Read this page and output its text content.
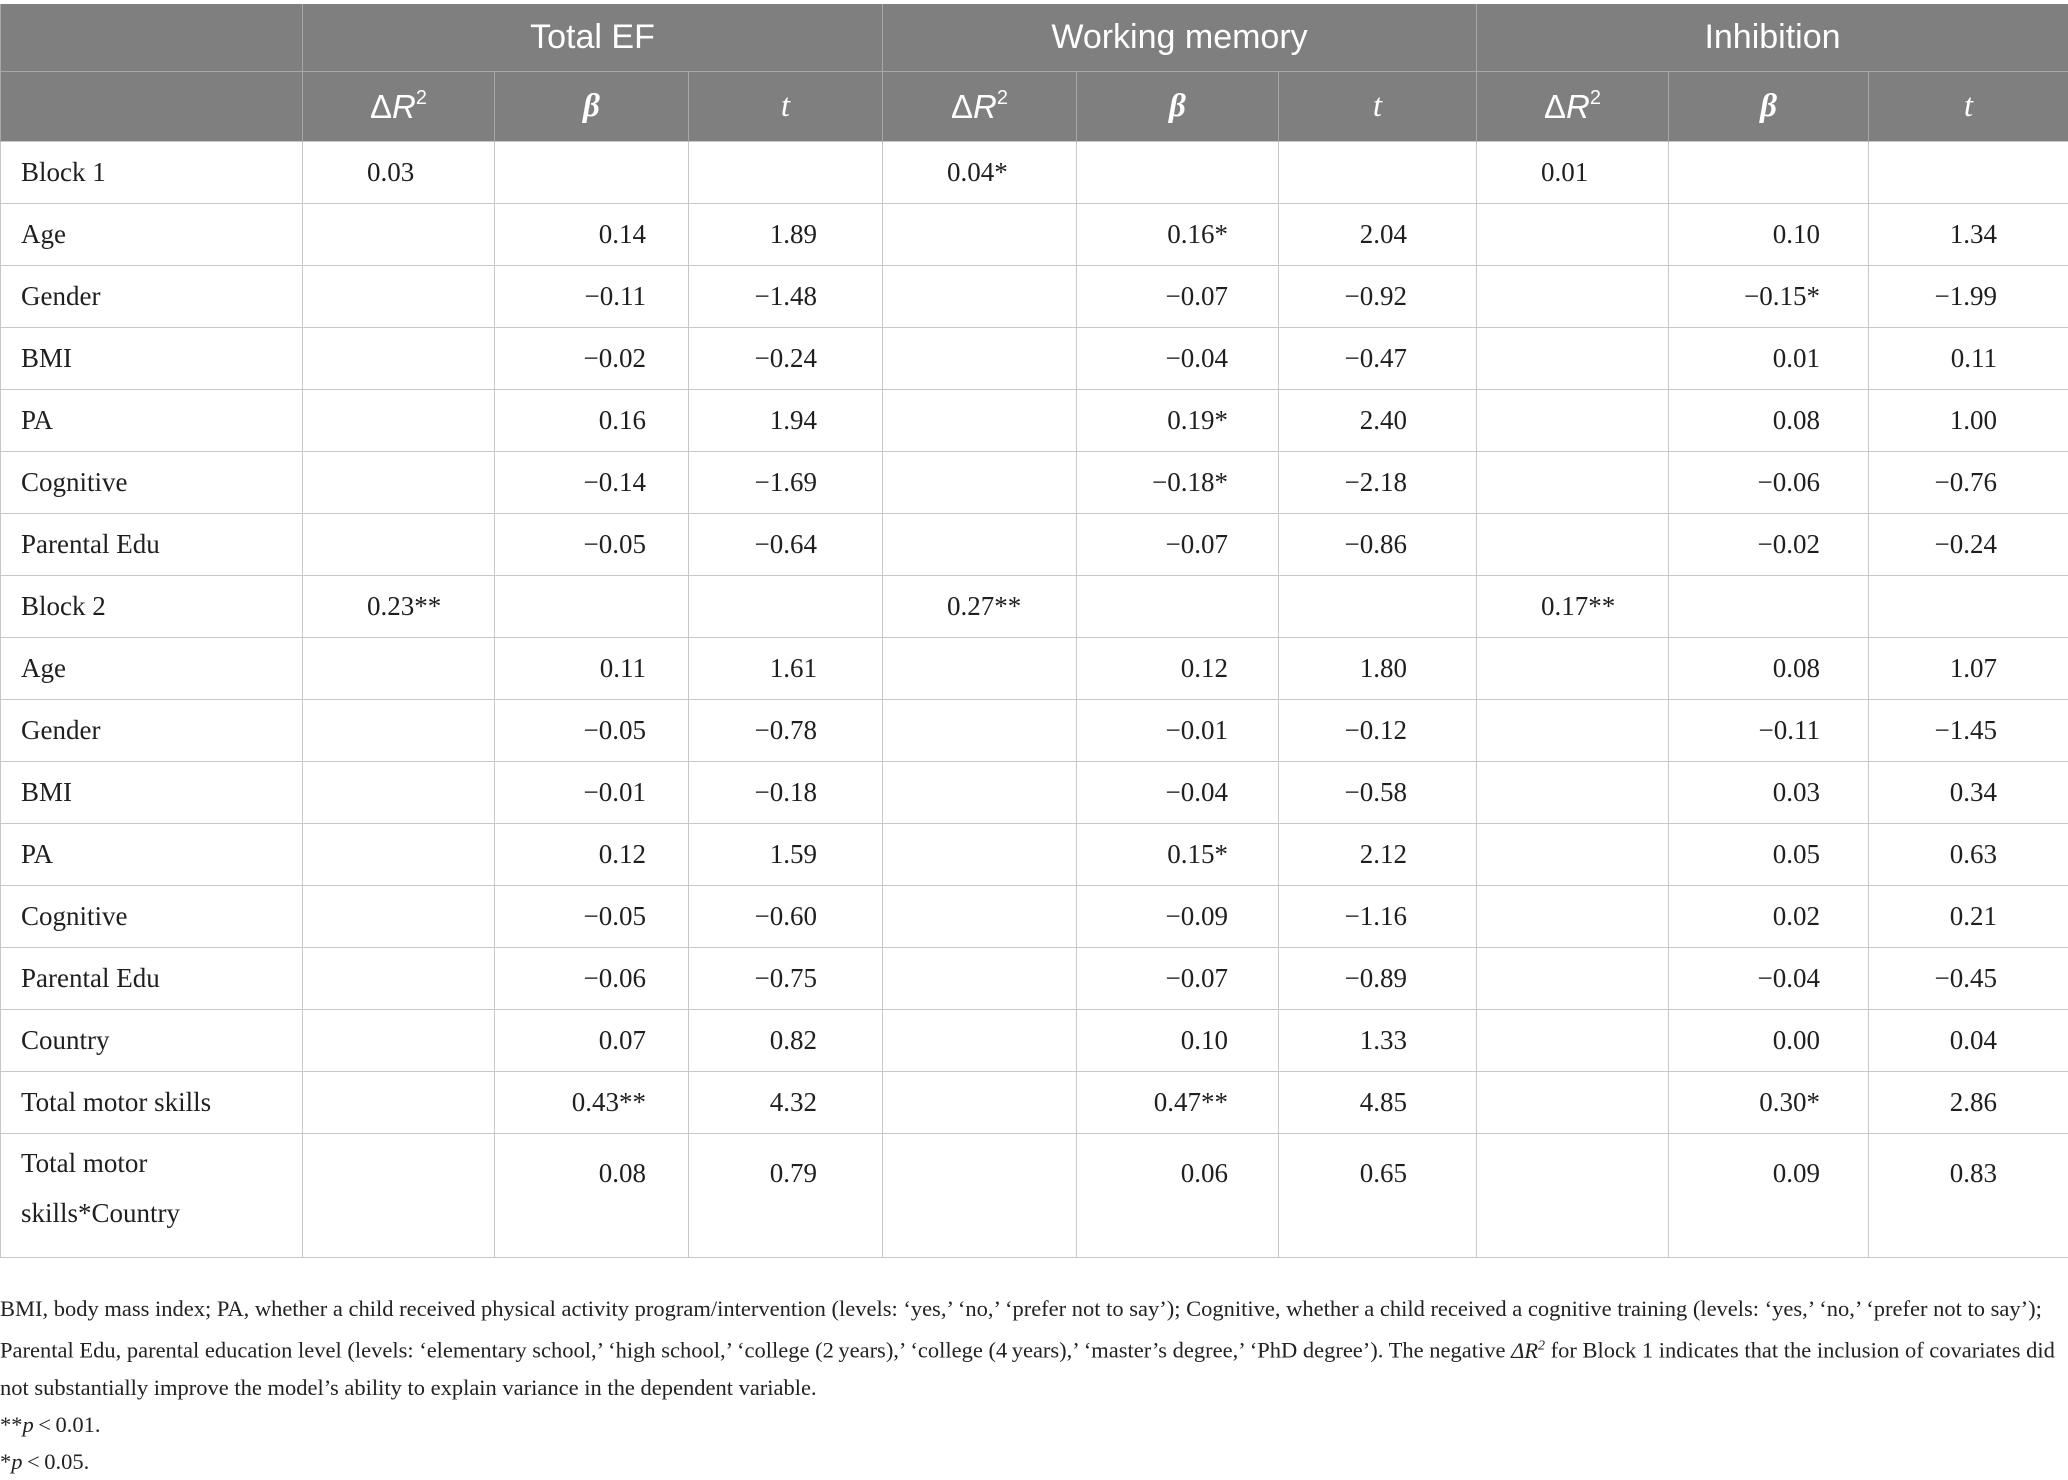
	Total EF			Working memory			Inhibition		
	$\Delta R^2$	β	t	$\Delta R^2$	β	t	$\Delta R^2$	β	t
Block 1	0.03			0.04*			0.01		
Age		0.14	1.89		0.16*	2.04		0.10	1.34
Gender		−0.11	−1.48		−0.07	−0.92		−0.15*	−1.99
BMI		−0.02	−0.24		−0.04	−0.47		0.01	0.11
PA		0.16	1.94		0.19*	2.40		0.08	1.00
Cognitive		−0.14	−1.69		−0.18*	−2.18		−0.06	−0.76
Parental Edu		−0.05	−0.64		−0.07	−0.86		−0.02	−0.24
Block 2	0.23**			0.27**			0.17**		
Age		0.11	1.61		0.12	1.80		0.08	1.07
Gender		−0.05	−0.78		−0.01	−0.12		−0.11	−1.45
BMI		−0.01	−0.18		−0.04	−0.58		0.03	0.34
PA		0.12	1.59		0.15*	2.12		0.05	0.63
Cognitive		−0.05	−0.60		−0.09	−1.16		0.02	0.21
Parental Edu		−0.06	−0.75		−0.07	−0.89		−0.04	−0.45
Country		0.07	0.82		0.10	1.33		0.00	0.04
Total motor skills		0.43**	4.32		0.47**	4.85		0.30*	2.86
Total motor
skills*Country		0.08	0.79		0.06	0.65		0.09	0.83

BMI, body mass index; PA, whether a child received physical activity program/intervention (levels: ‘yes,’ ‘no,’ ‘prefer not to say’); Cognitive, whether a child received a cognitive training (levels: ‘yes,’ ‘no,’ ‘prefer not to say’); Parental Edu, parental education level (levels: ‘elementary school,’ ‘high school,’ ‘college (2 years),’ ‘college (4 years),’ ‘master’s degree,’ ‘PhD degree’). The negative $\Delta R^2$ for Block 1 indicates that the inclusion of covariates did not substantially improve the model’s ability to explain variance in the dependent variable.

**p < 0.01.

*p < 0.05.
